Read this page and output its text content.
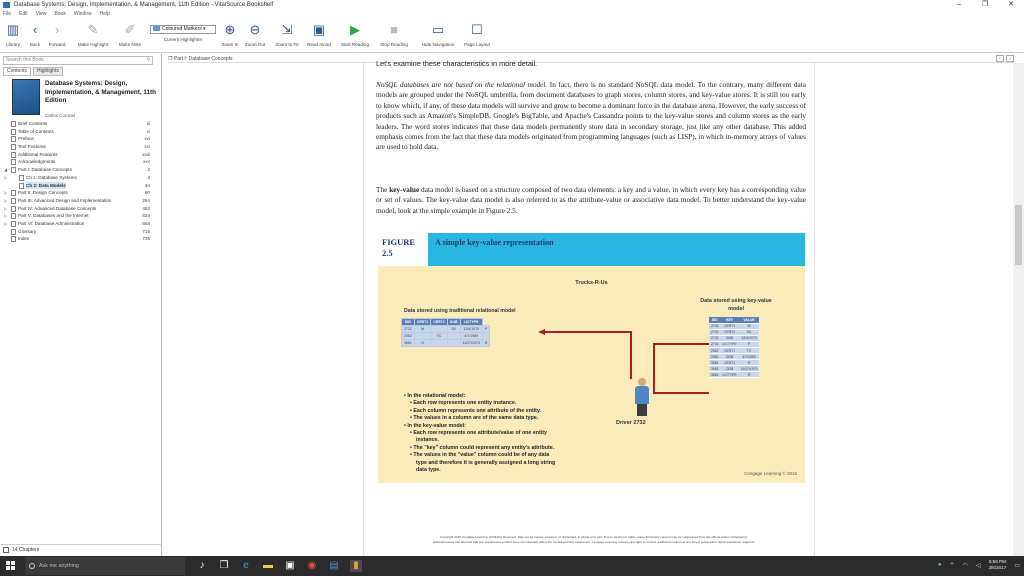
Database Systems: Design, Implementation, & Management, 11th Edition - VitalSource Bookshelf	–	❐	✕
File Edit View Book Window Help
▥
Library
‹
Back
›
Forward
✎
Make Highlight
✐
Make Note
Coloured Markers ▾
Current Highlighter
⊕
Zoom In
⊖
Zoom Out
⇲
Zoom to Fit
▣
Read Aloud
▶
Start Reading
■
Stop Reading
▭
Hide Navigation
☐
Page Layout
Search this Book	⚲
Contents	Highlights
Database Systems: Design, Implementation, & Management, 11th Edition
Carlos Coronel
Brief Contents	iii
Table of Contents	vi
Preface	xvi
Text Features	xxi
Additional Features	xxiii
Acknowledgments	xxv
◢ Part I: Database Concepts	2
▷	Ch 1: Database Systems	4
Ch 2: Data Models	34
▷ Part II: Design Concepts	60
▷ Part III: Advanced Design and Implementation	294
▷ Part IV: Advanced Database Concepts	452
▷ Part V: Databases and the Internet	624
▷ Part VI: Database Administration	668
Glossary	715
Index	735
14 Chapters
❐ Part I: Database Concepts	‹	›
Let's examine these characteristics in more detail.
NoSQL databases are not based on the relational model. In fact, there is no standard NoSQL data model. To the contrary, many different data models are grouped under the NoSQL umbrella, from document databases to graph stores, column stores, and key-value stores. It is still too early to know which, if any, of these data models will survive and grow to become a dominant force in the database arena. However, the early success of products such as Amazon's SimpleDB, Google's BigTable, and Apache's Cassandra points to the key-value stores and column stores as the early leaders. The word stores indicates that these data models permanently store data in secondary storage, just like any other database. This added emphasis comes from the fact that these data models originated from programming languages (such as LISP), in which in-memory arrays of values are used to hold data.
The key-value data model is based on a structure composed of two data elements: a key and a value, in which every key has a corresponding value or set of values. The key-value data model is also referred to as the attribute-value or associative data model. To better understand the key-value model, look at the simple example in Figure 2.5.
FIGURE
2.5
A simple key-value representation
Trucks-R-Us
Data stored using traditional relational model
DID	CERT1	CERT2	DOB	LICTYPE	
2732	M		SX	12/4/1970	P
2562		TC		4/7/1969	
3681	H			11/27/1973	R
Driver 2732
Data stored using key-value model
DID	KEY	VALUE
2732	CERT1	M
2732	CERT2	SX
2732	DOB	12/4/1970
2732	LICTYPE	P
2562	CERT1	TC
2562	DOB	4/7/1969
3681	CERT1	H
3681	DOB	11/27/1973
3681	LICTYPE	R
• In the relational model:
• Each row represents one entity instance.
• Each column represents one attribute of the entity.
• The values in a column are of the same data type.
• In the key-value model:
• Each row represents one attribute/value of one entity
instance.
• The "key" column could represent any entity's attribute.
• The values in the "value" column could be of any data
type and therefore it is generally assigned a long string
data type.
Cengage Learning © 2015
Copyright 2015 Cengage Learning. All Rights Reserved. May not be copied, scanned, or duplicated, in whole or in part. Due to electronic rights, some third party content may be suppressed from the eBook and/or eChapter(s).
Editorial review has deemed that any suppressed content does not materially affect the overall learning experience. Cengage Learning reserves the right to remove additional content at any time if subsequent rights restrictions require it.
Ask me anything	♪	❐	e	▬ ▣ ◉ ▤	▮	● ⌃ ◠ ◁
5:56 PM
3/6/2017 ▭
